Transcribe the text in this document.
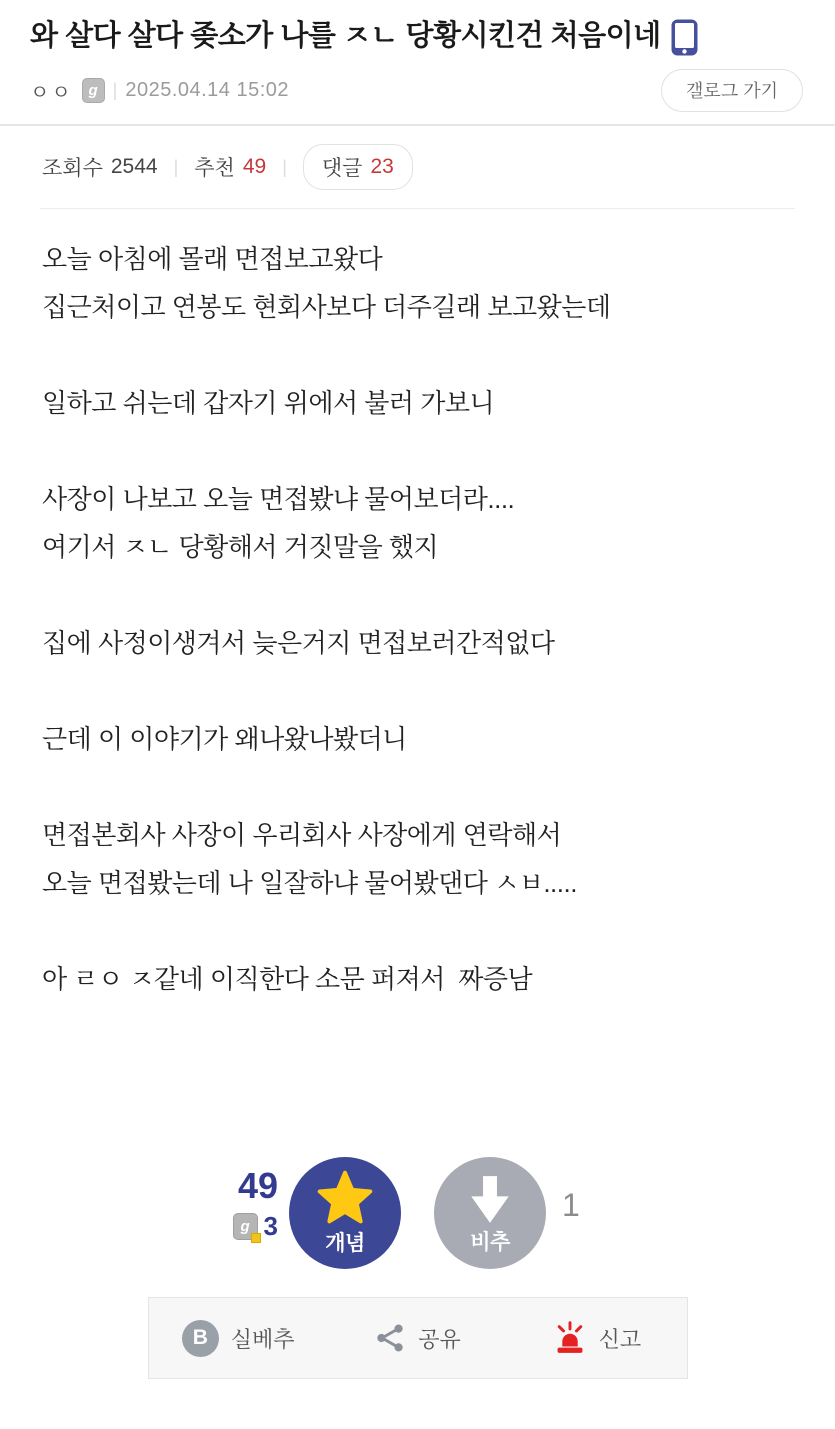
와 살다 살다 좆소가 나를 ㅈㄴ 당황시킨건 처음이네
ㅇㅇ	g | 2025.04.14 15:02	갤로그 가기
조회수 2544 | 추천 49 | 댓글 23

오늘 아침에 몰래 면접보고왔다

집근처이고 연봉도 현회사보다 더주길래 보고왔는데

일하고 쉬는데 갑자기 위에서 불러 가보니

사장이 나보고 오늘 면접봤냐 물어보더라....

여기서 ㅈㄴ 당황해서 거짓말을 했지

집에 사정이생겨서 늦은거지 면접보러간적없다

근데 이 이야기가 왜나왔나봤더니

면접본회사 사장이 우리회사 사장에게 연락해서

오늘 면접봤는데 나 일잘하냐 물어봤댄다 ㅅㅂ.....

아 ㄹㅇ ㅈ같네 이직한다 소문 퍼져서  짜증남

49
g 3
개념	비추
1
B	실베추	공유	신고
